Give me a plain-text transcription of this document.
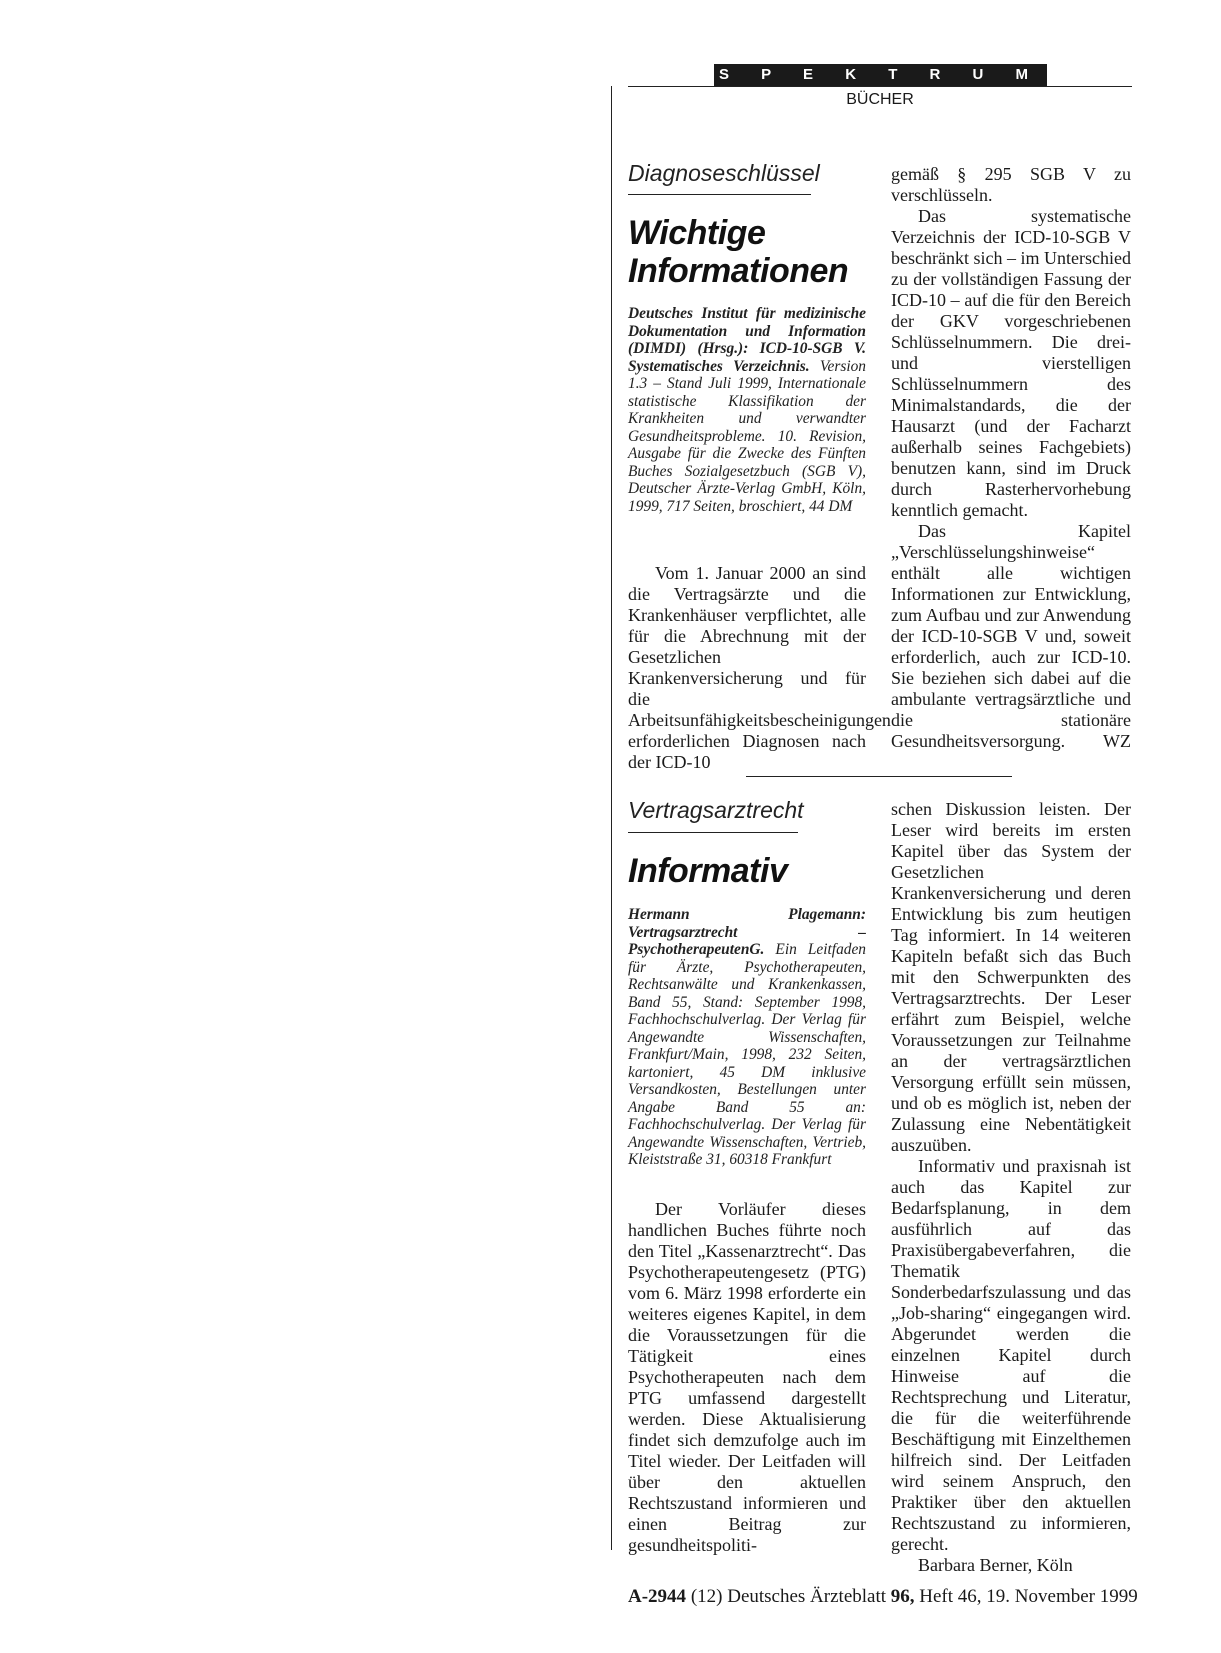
S P E K T R U M
BÜCHER
Diagnoseschlüssel
Wichtige
Informationen
Deutsches Institut für medizinische Dokumentation und Information (DIMDI) (Hrsg.): ICD-10-SGB V. Systematisches Verzeichnis. Version 1.3 – Stand Juli 1999, Internationale statistische Klassifikation der Krankheiten und verwandter Gesundheitsprobleme. 10. Revision, Ausgabe für die Zwecke des Fünften Buches Sozialgesetzbuch (SGB V), Deutscher Ärzte-Verlag GmbH, Köln, 1999, 717 Seiten, broschiert, 44 DM

Vom 1. Januar 2000 an sind die Vertragsärzte und die Krankenhäuser verpflichtet, alle für die Abrechnung mit der Gesetzlichen Krankenversicherung und für die Arbeitsunfähigkeitsbescheinigungen erforderlichen Diagnosen nach der ICD-10

gemäß § 295 SGB V zu verschlüsseln.

Das systematische Verzeichnis der ICD-10-SGB V beschränkt sich – im Unterschied zu der vollständigen Fassung der ICD-10 – auf die für den Bereich der GKV vorgeschriebenen Schlüsselnummern. Die drei- und vierstelligen Schlüsselnummern des Minimalstandards, die der Hausarzt (und der Facharzt außerhalb seines Fachgebiets) benutzen kann, sind im Druck durch Rasterhervorhebung kenntlich gemacht.

Das Kapitel „Verschlüsselungshinweise“ enthält alle wichtigen Informationen zur Entwicklung, zum Aufbau und zur Anwendung der ICD-10-SGB V und, soweit erforderlich, auch zur ICD-10. Sie beziehen sich dabei auf die ambulante vertragsärztliche und die stationäre Gesundheitsversorgung.	WZ

Vertragsarztrecht
Informativ
Hermann Plagemann: Vertragsarztrecht – PsychotherapeutenG. Ein Leitfaden für Ärzte, Psychotherapeuten, Rechtsanwälte und Krankenkassen, Band 55, Stand: September 1998, Fachhochschulverlag. Der Verlag für Angewandte Wissenschaften, Frankfurt/Main, 1998, 232 Seiten, kartoniert, 45 DM inklusive Versandkosten, Bestellungen unter Angabe Band 55 an: Fachhochschulverlag. Der Verlag für Angewandte Wissenschaften, Vertrieb, Kleiststraße 31, 60318 Frankfurt

Der Vorläufer dieses handlichen Buches führte noch den Titel „Kassenarztrecht“. Das Psychotherapeutengesetz (PTG) vom 6. März 1998 erforderte ein weiteres eigenes Kapitel, in dem die Voraussetzungen für die Tätigkeit eines Psychotherapeuten nach dem PTG umfassend dargestellt werden. Diese Aktualisierung findet sich demzufolge auch im Titel wieder. Der Leitfaden will über den aktuellen Rechtszustand informieren und einen Beitrag zur gesundheitspoliti-

schen Diskussion leisten. Der Leser wird bereits im ersten Kapitel über das System der Gesetzlichen Krankenversicherung und deren Entwicklung bis zum heutigen Tag informiert. In 14 weiteren Kapiteln befaßt sich das Buch mit den Schwerpunkten des Vertragsarztrechts. Der Leser erfährt zum Beispiel, welche Voraussetzungen zur Teilnahme an der vertragsärztlichen Versorgung erfüllt sein müssen, und ob es möglich ist, neben der Zulassung eine Nebentätigkeit auszuüben.

Informativ und praxisnah ist auch das Kapitel zur Bedarfsplanung, in dem ausführlich auf das Praxisübergabeverfahren, die Thematik Sonderbedarfszulassung und das „Job-sharing“ eingegangen wird. Abgerundet werden die einzelnen Kapitel durch Hinweise auf die Rechtsprechung und Literatur, die für die weiterführende Beschäftigung mit Einzelthemen hilfreich sind. Der Leitfaden wird seinem Anspruch, den Praktiker über den aktuellen Rechtszustand zu informieren, gerecht.

Barbara Berner, Köln

A-2944 (12) Deutsches Ärzteblatt 96, Heft 46, 19. November 1999
